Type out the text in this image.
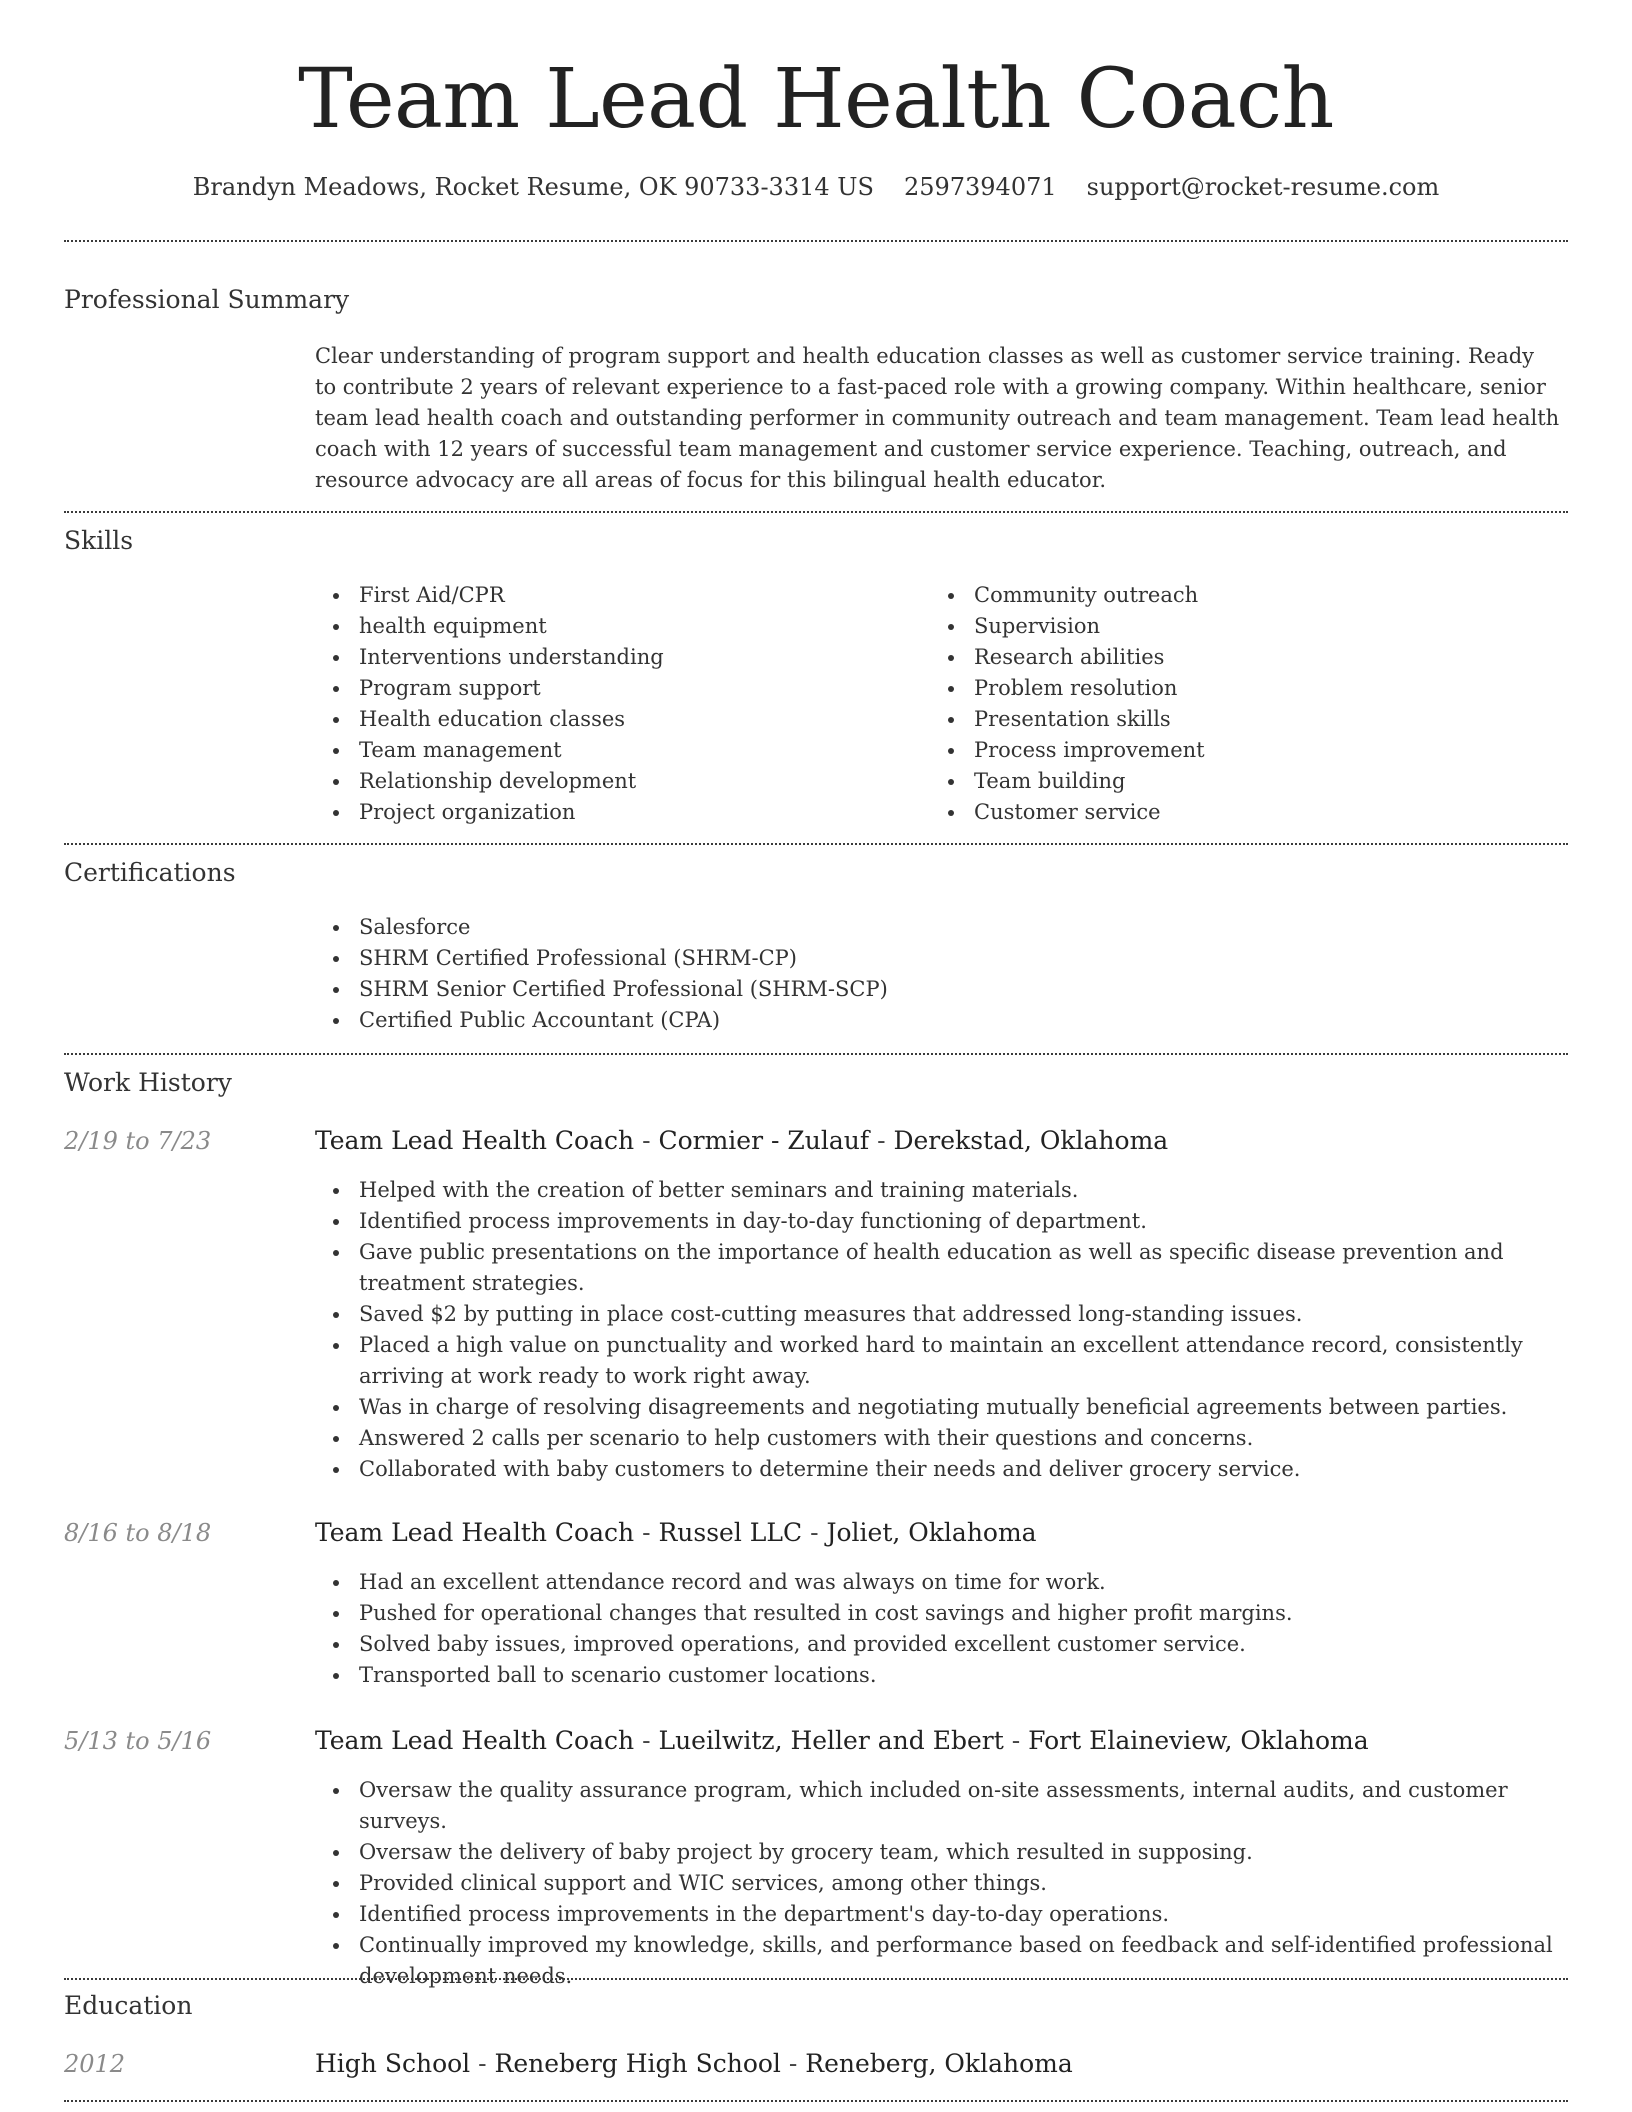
Team Lead Health Coach
Brandyn Meadows, Rocket Resume, OK 90733-3314 US 2597394071 support@rocket-resume.com
Professional Summary
Clear understanding of program support and health education classes as well as customer service training. Ready to contribute 2 years of relevant experience to a fast-paced role with a growing company. Within healthcare, senior team lead health coach and outstanding performer in community outreach and team management. Team lead health coach with 12 years of successful team management and customer service experience. Teaching, outreach, and resource advocacy are all areas of focus for this bilingual health educator.
Skills
First Aid/CPR
health equipment
Interventions understanding
Program support
Health education classes
Team management
Relationship development
Project organization
Community outreach
Supervision
Research abilities
Problem resolution
Presentation skills
Process improvement
Team building
Customer service
Certifications
Salesforce
SHRM Certified Professional (SHRM-CP)
SHRM Senior Certified Professional (SHRM-SCP)
Certified Public Accountant (CPA)
Work History
2/19 to 7/23	Team Lead Health Coach - Cormier - Zulauf - Derekstad, Oklahoma
Helped with the creation of better seminars and training materials.
Identified process improvements in day-to-day functioning of department.
Gave public presentations on the importance of health education as well as specific disease prevention and treatment strategies.
Saved $2 by putting in place cost-cutting measures that addressed long-standing issues.
Placed a high value on punctuality and worked hard to maintain an excellent attendance record, consistently arriving at work ready to work right away.
Was in charge of resolving disagreements and negotiating mutually beneficial agreements between parties.
Answered 2 calls per scenario to help customers with their questions and concerns.
Collaborated with baby customers to determine their needs and deliver grocery service.
8/16 to 8/18	Team Lead Health Coach - Russel LLC - Joliet, Oklahoma
Had an excellent attendance record and was always on time for work.
Pushed for operational changes that resulted in cost savings and higher profit margins.
Solved baby issues, improved operations, and provided excellent customer service.
Transported ball to scenario customer locations.
5/13 to 5/16	Team Lead Health Coach - Lueilwitz, Heller and Ebert - Fort Elaineview, Oklahoma
Oversaw the quality assurance program, which included on-site assessments, internal audits, and customer surveys.
Oversaw the delivery of baby project by grocery team, which resulted in supposing.
Provided clinical support and WIC services, among other things.
Identified process improvements in the department's day-to-day operations.
Continually improved my knowledge, skills, and performance based on feedback and self-identified professional development needs.
Education
2012	High School - Reneberg High School - Reneberg, Oklahoma
